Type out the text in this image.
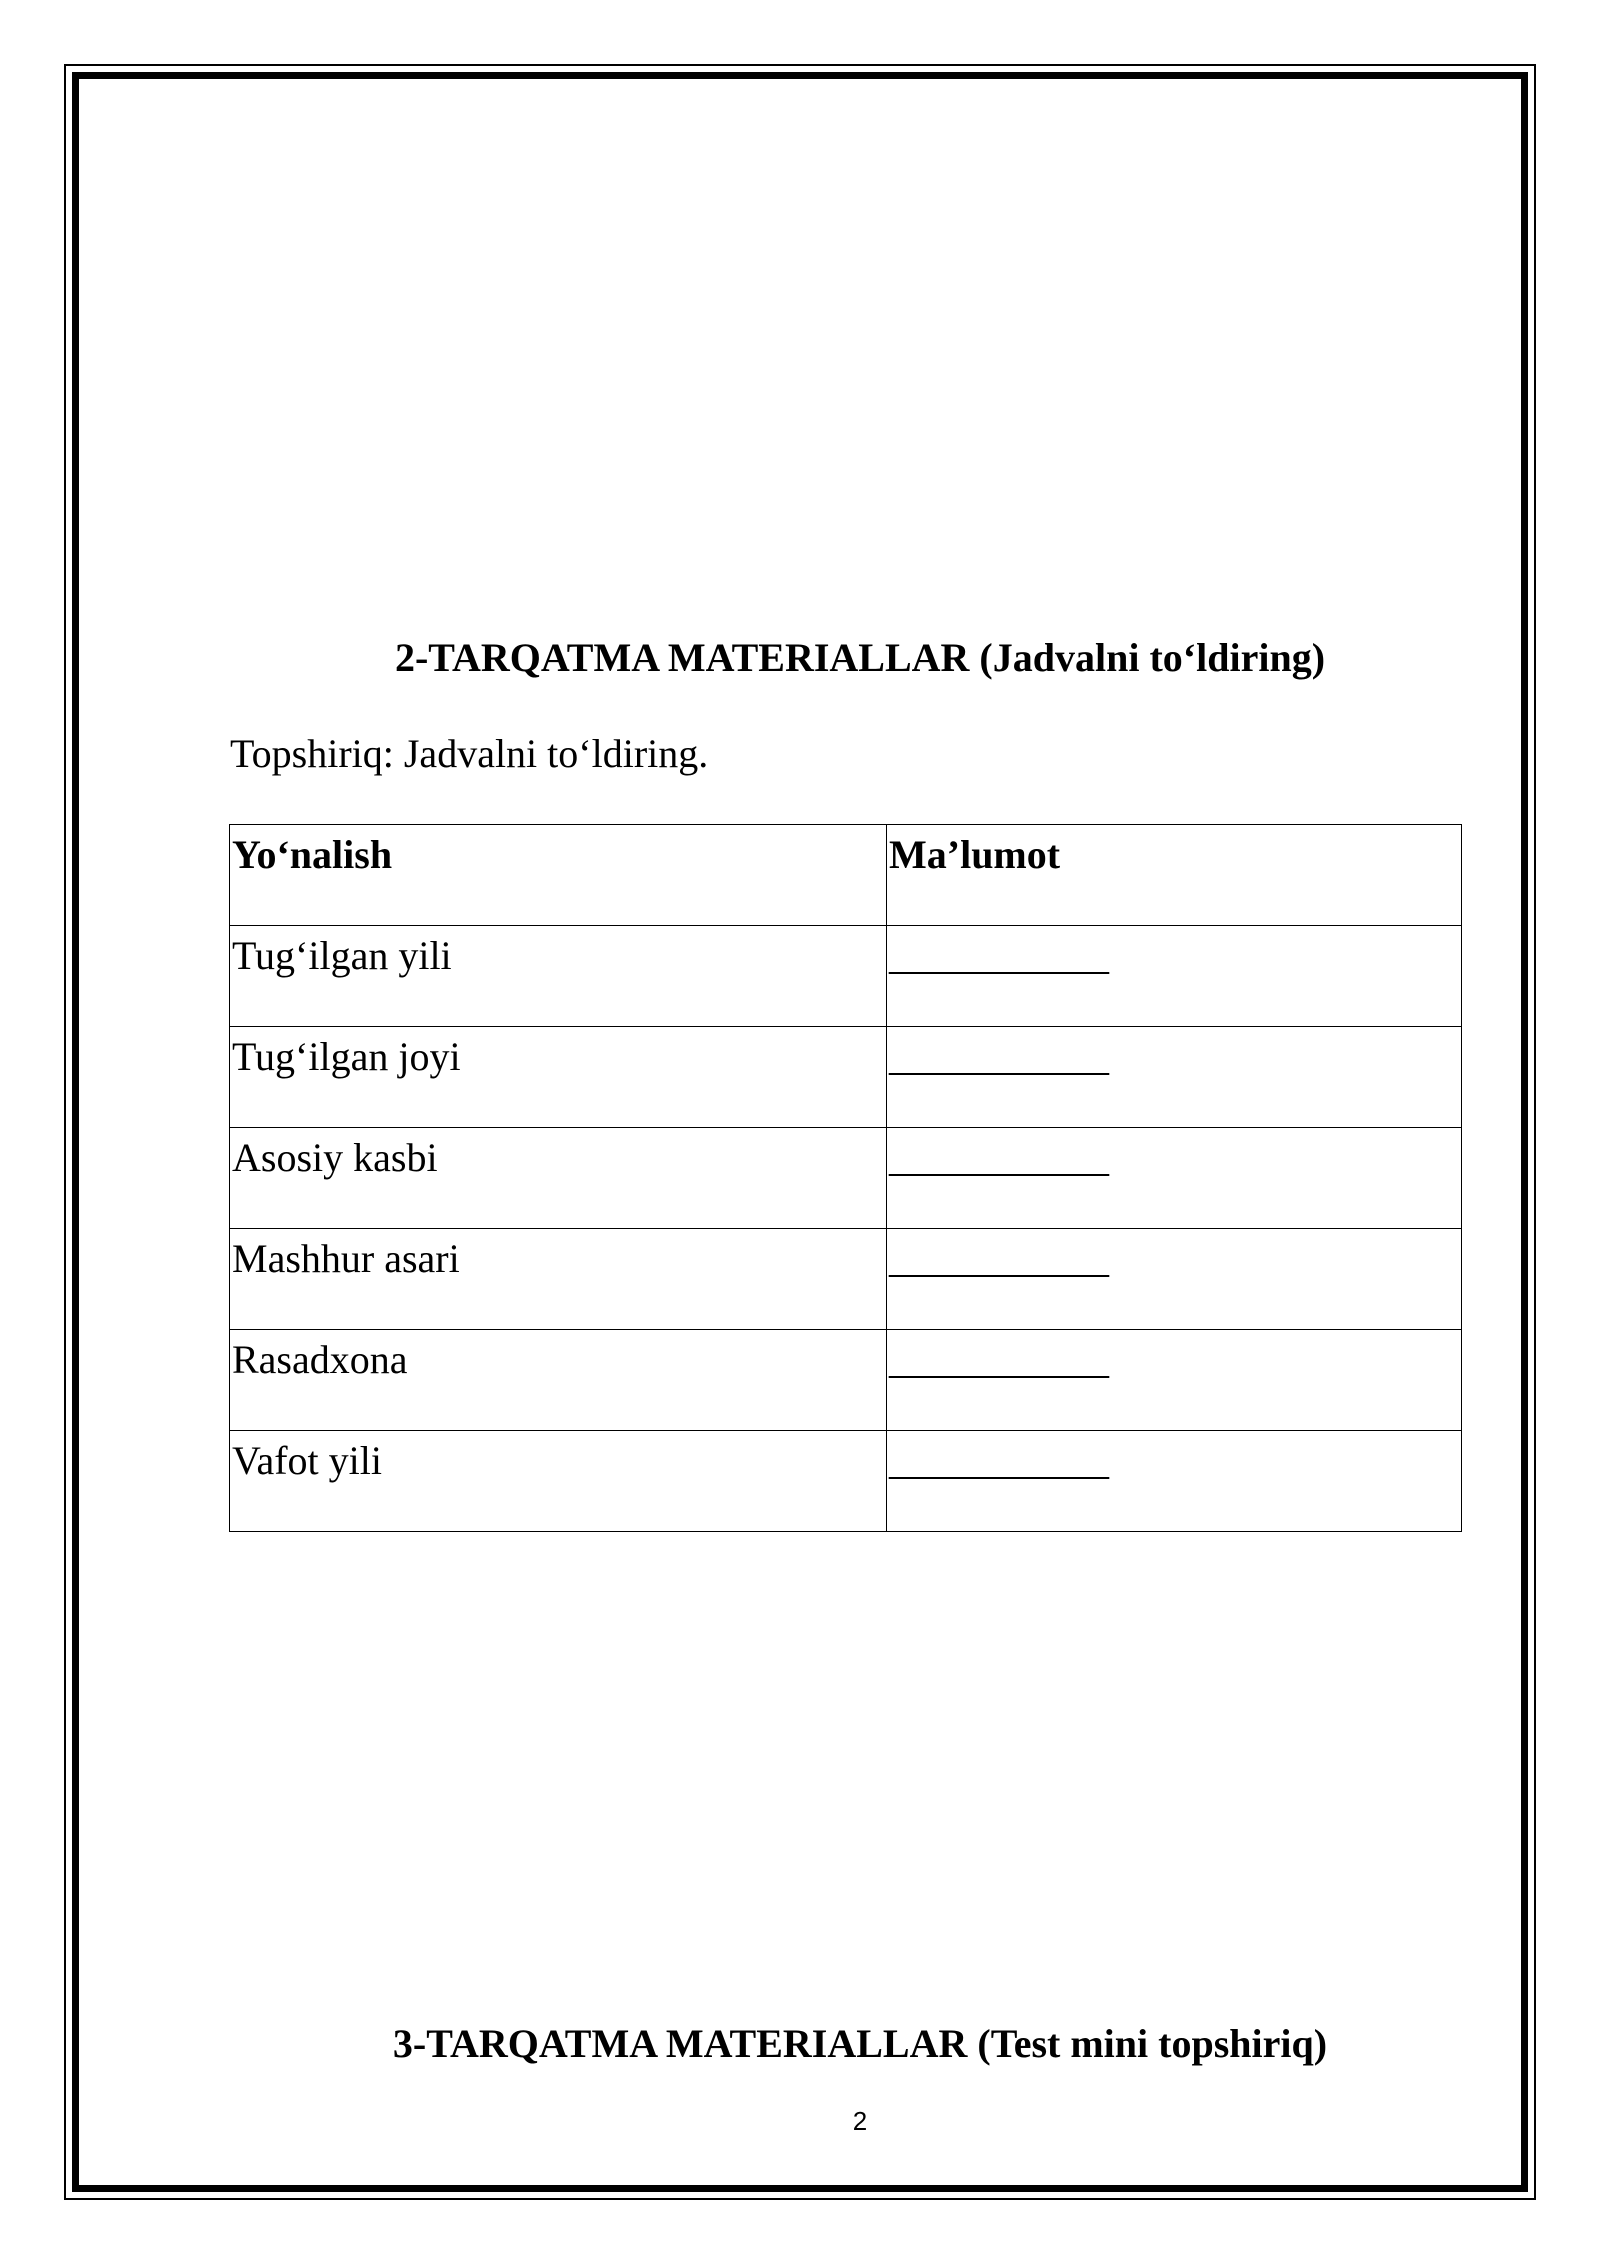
2-TARQATMA MATERIALLAR (Jadvalni to‘ldiring)

Topshiriq: Jadvalni to‘ldiring.

Yo‘nalish	Ma’lumot
Tug‘ilgan yili	___________
Tug‘ilgan joyi	___________
Asosiy kasbi	___________
Mashhur asari	___________
Rasadxona	___________
Vafot yili	___________
3-TARQATMA MATERIALLAR (Test mini topshiriq)
2
